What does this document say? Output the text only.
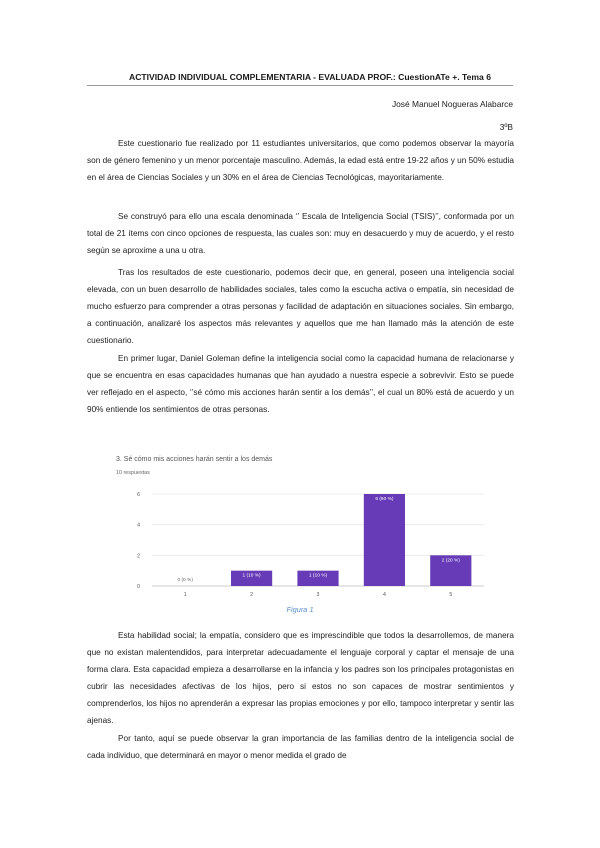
ACTIVIDAD INDIVIDUAL COMPLEMENTARIA - EVALUADA PROF.: CuestionATe +. Tema 6
José Manuel Nogueras Alabarce
3ºB

Este cuestionario fue realizado por 11 estudiantes universitarios, que como podemos observar la mayoría son de género femenino y un menor porcentaje masculino. Además, la edad está entre 19-22 años y un 50% estudia en el área de Ciencias Sociales y un 30% en el área de Ciencias Tecnológicas, mayoritariamente.

Se construyó para ello una escala denominada ‘’ Escala de Inteligencia Social (TSIS)’’, conformada por un total de 21 ítems con cinco opciones de respuesta, las cuales son: muy en desacuerdo y muy de acuerdo, y el resto según se aproxime a una u otra.

Tras los resultados de este cuestionario, podemos decir que, en general, poseen una inteligencia social elevada, con un buen desarrollo de habilidades sociales, tales como la escucha activa o empatía, sin necesidad de mucho esfuerzo para comprender a otras personas y facilidad de adaptación en situaciones sociales. Sin embargo, a continuación, analizaré los aspectos más relevantes y aquellos que me han llamado más la atención de este cuestionario.

En primer lugar, Daniel Goleman define la inteligencia social como la capacidad humana de relacionarse y que se encuentra en esas capacidades humanas que han ayudado a nuestra especie a sobrevivir. Esto se puede ver reflejado en el aspecto, ‘’sé cómo mis acciones harán sentir a los demás’’, el cual un 80% está de acuerdo y un 90% entiende los sentimientos de otras personas.

3. Sé cómo mis acciones harán sentir a los demás
10 respuestas
0
2
4
6
0 (0 %)
1 (10 %)	1 (10 %)
6 (60 %)
2 (20 %)
1	2	3	4	5
Figura 1

Esta habilidad social; la empatía, considero que es imprescindible que todos la desarrollemos, de manera que no existan malentendidos, para interpretar adecuadamente el lenguaje corporal y captar el mensaje de una forma clara. Esta capacidad empieza a desarrollarse en la infancia y los padres son los principales protagonistas en cubrir las necesidades afectivas de los hijos, pero si estos no son capaces de mostrar sentimientos y comprenderlos, los hijos no aprenderán a expresar las propias emociones y por ello, tampoco interpretar y sentir las ajenas.

Por tanto, aquí se puede observar la gran importancia de las familias dentro de la inteligencia social de cada individuo, que determinará en mayor o menor medida el grado de
